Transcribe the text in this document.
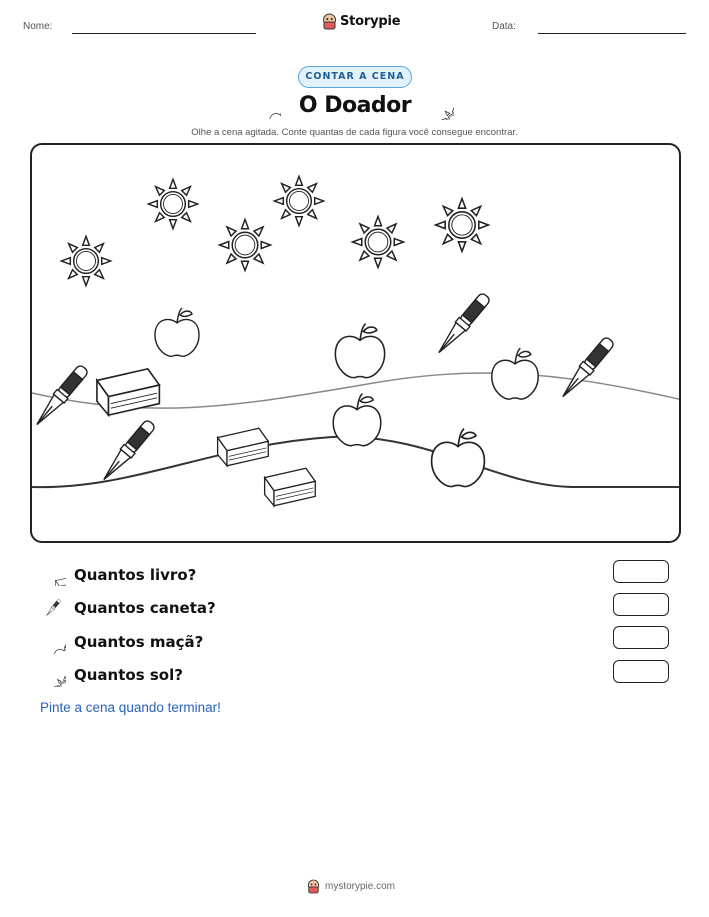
Nome:	Storypie	Data:
CONTAR A CENA
O Doador
Olhe a cena agitada. Conte quantas de cada figura você consegue encontrar.
Quantos livro?
Quantos caneta?
Quantos maçã?
Quantos sol?
Pinte a cena quando terminar!
mystorypie.com
